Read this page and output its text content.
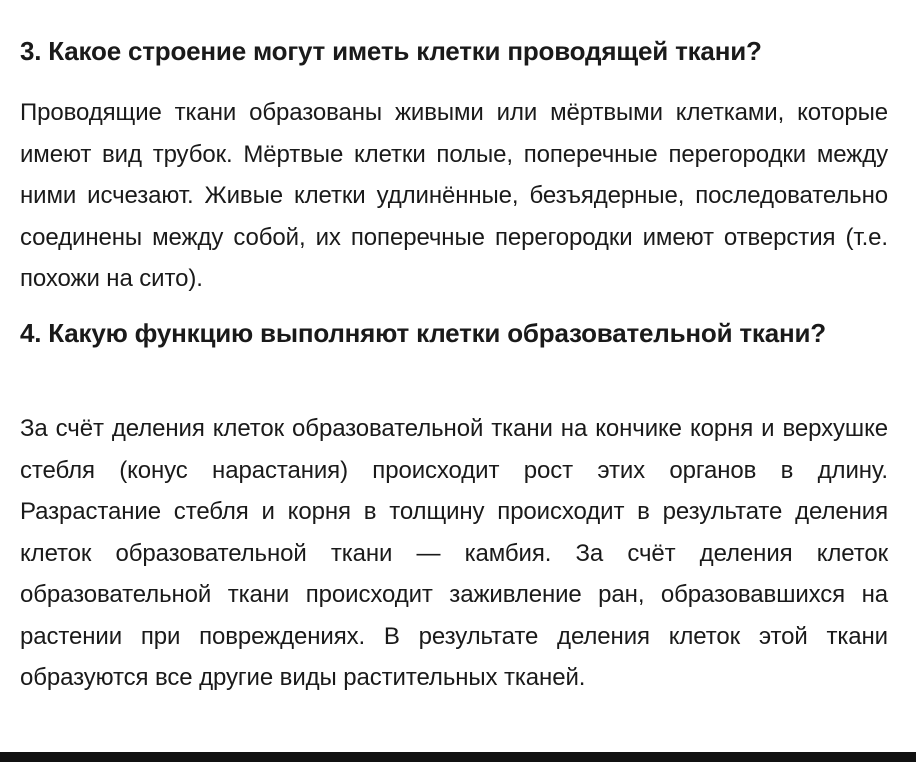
3. Какое строение могут иметь клетки проводящей ткани?

Проводящие ткани образованы живыми или мёртвыми клетками, которые имеют вид трубок. Мёртвые клетки полые, поперечные перегородки между ними исчезают. Живые клетки удлинённые, безъядерные, последовательно соединены между собой, их поперечные перегородки имеют отверстия (т.е. похожи на сито).

4. Какую функцию выполняют клетки образовательной ткани?

За счёт деления клеток образовательной ткани на кончике корня и верхушке стебля (конус нарастания) происходит рост этих органов в длину. Разрастание стебля и корня в толщину происходит в результате деления клеток образовательной ткани — камбия. За счёт деления клеток образовательной ткани происходит заживление ран, образовавшихся на растении при повреждениях. В результате деления клеток этой ткани образуются все другие виды растительных тканей.
